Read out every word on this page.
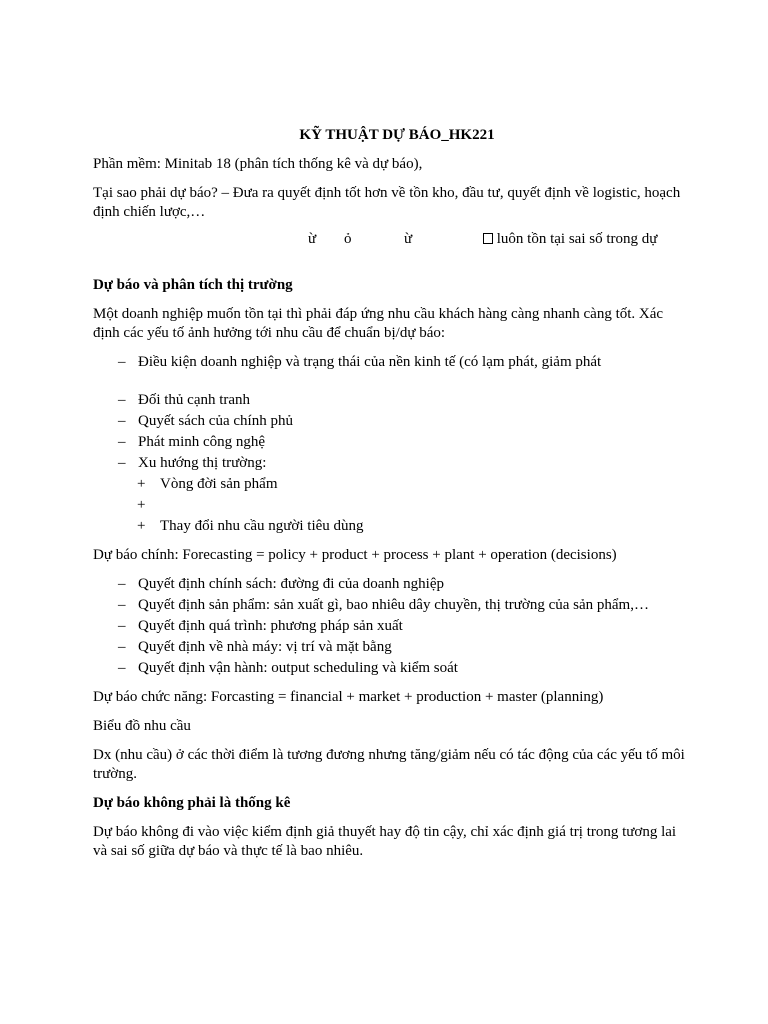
KỸ THUẬT DỰ BÁO_HK221

Phần mềm: Minitab 18 (phân tích thống kê và dự báo),

Tại sao phải dự báo? – Đưa ra quyết định tốt hơn về tồn kho, đầu tư, quyết định về logistic, hoạch định chiến lược,…

ừ ỏ	ừ	luôn tồn tại sai số trong dự
Dự báo và phân tích thị trường

Một doanh nghiệp muốn tồn tại thì phải đáp ứng nhu cầu khách hàng càng nhanh càng tốt. Xác định các yếu tố ảnh hưởng tới nhu cầu để chuẩn bị/dự báo:

– Điều kiện doanh nghiệp và trạng thái của nền kinh tế (có lạm phát, giảm phát
– Đối thủ cạnh tranh
– Quyết sách của chính phủ
– Phát minh công nghệ
– Xu hướng thị trường:
+ Vòng đời sản phẩm
+
+ Thay đổi nhu cầu người tiêu dùng

Dự báo chính: Forecasting = policy + product + process + plant + operation (decisions)

– Quyết định chính sách: đường đi của doanh nghiệp
– Quyết định sản phẩm: sản xuất gì, bao nhiêu dây chuyền, thị trường của sản phẩm,…
– Quyết định quá trình: phương pháp sản xuất
– Quyết định về nhà máy: vị trí và mặt bằng
– Quyết định vận hành: output scheduling và kiểm soát

Dự báo chức năng: Forcasting = financial + market + production + master (planning)

Biểu đồ nhu cầu

Dx (nhu cầu) ở các thời điểm là tương đương nhưng tăng/giảm nếu có tác động của các yếu tố môi trường.

Dự báo không phải là thống kê

Dự báo không đi vào việc kiểm định giả thuyết hay độ tin cậy, chỉ xác định giá trị trong tương lai và sai số giữa dự báo và thực tế là bao nhiêu.
